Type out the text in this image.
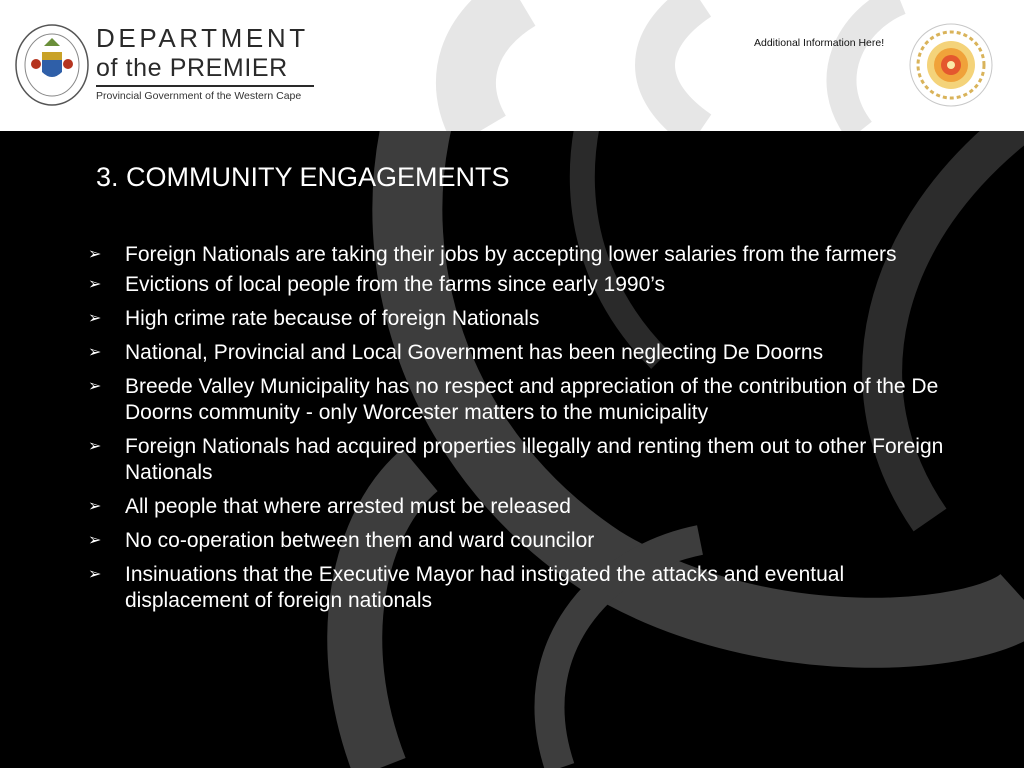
DEPARTMENT
of the PREMIER
Provincial Government of the Western Cape
Additional Information Here!
3. COMMUNITY ENGAGEMENTS
➢ Foreign Nationals are taking their jobs by accepting lower salaries from the farmers
➢ Evictions of local people from the farms since early 1990’s
➢ High crime rate because of foreign Nationals
➢ National, Provincial and Local Government has been neglecting De Doorns
➢ Breede Valley Municipality has no respect and appreciation of the contribution of the De Doorns community - only Worcester matters to the municipality
➢ Foreign Nationals had acquired properties illegally and renting them out to other Foreign Nationals
➢ All people that where arrested must be released
➢ No co-operation between them and ward councilor
➢ Insinuations that the Executive Mayor had instigated the attacks and eventual displacement of foreign nationals
